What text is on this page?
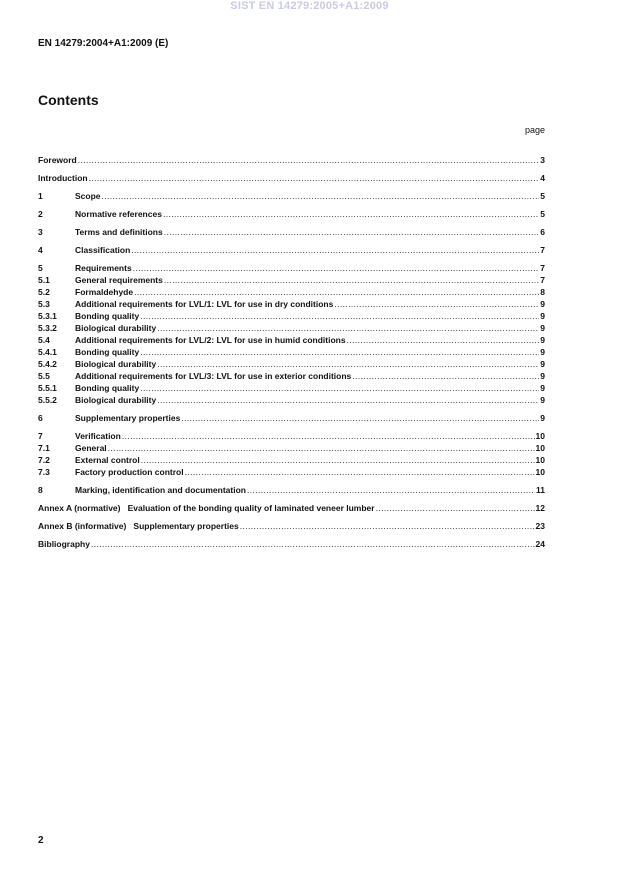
SIST EN 14279:2005+A1:2009
EN 14279:2004+A1:2009 (E)
Contents
page
Foreword .....	3
Introduction .....	4
1	Scope .....	5
2	Normative references .....	5
3	Terms and definitions .....	6
4	Classification .....	7
5	Requirements .....	7
5.1	General requirements .....	7
5.2	Formaldehyde .....	8
5.3	Additional requirements for LVL/1: LVL for use in dry conditions .....	9
5.3.1	Bonding quality .....	9
5.3.2	Biological durability .....	9
5.4	Additional requirements for LVL/2: LVL for use in humid conditions .....	9
5.4.1	Bonding quality .....	9
5.4.2	Biological durability .....	9
5.5	Additional requirements for LVL/3: LVL for use in exterior conditions .....	9
5.5.1	Bonding quality .....	9
5.5.2	Biological durability .....	9
6	Supplementary properties .....	9
7	Verification .....	10
7.1	General .....	10
7.2	External control .....	10
7.3	Factory production control .....	10
8	Marking, identification and documentation .....	11
Annex A (normative)   Evaluation of the bonding quality of laminated veneer lumber .....	12
Annex B (informative)   Supplementary properties .....	23
Bibliography .....	24
2
